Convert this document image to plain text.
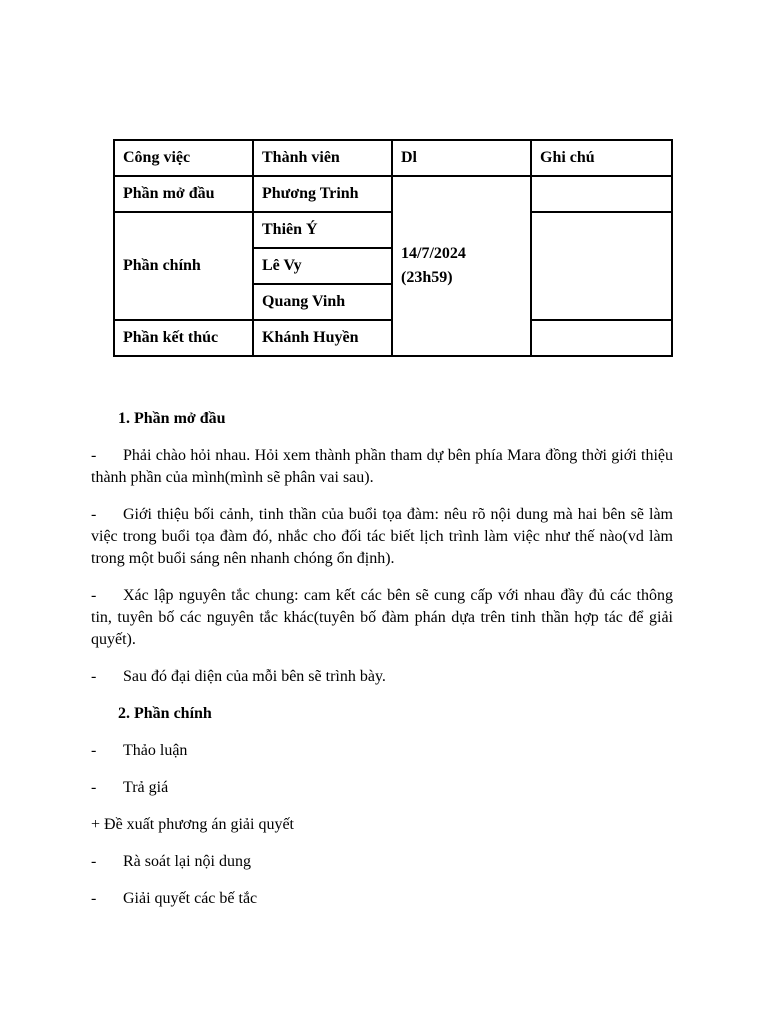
Công việc	Thành viên	Dl	Ghi chú
Phần mở đầu	Phương Trinh	14/7/2024
(23h59)	

Phần chính	Thiên Ý		
	Lê Vy		
	Quang Vinh		
Phần kết thúc	Khánh Huyền		

1. Phần mở đầu

- Phải chào hỏi nhau. Hỏi xem thành phần tham dự bên phía Mara đồng thời giới thiệu thành phần của mình(mình sẽ phân vai sau).

- Giới thiệu bối cảnh, tinh thần của buổi tọa đàm: nêu rõ nội dung mà hai bên sẽ làm việc trong buổi tọa đàm đó, nhắc cho đối tác biết lịch trình làm việc như thế nào(vd làm trong một buổi sáng nên nhanh chóng ổn định).

- Xác lập nguyên tắc chung: cam kết các bên sẽ cung cấp với nhau đầy đủ các thông tin, tuyên bố các nguyên tắc khác(tuyên bố đàm phán dựa trên tinh thần hợp tác để giải quyết).

- Sau đó đại diện của mỗi bên sẽ trình bày.

2. Phần chính

- Thảo luận

- Trả giá

+ Đề xuất phương án giải quyết

- Rà soát lại nội dung

- Giải quyết các bế tắc
